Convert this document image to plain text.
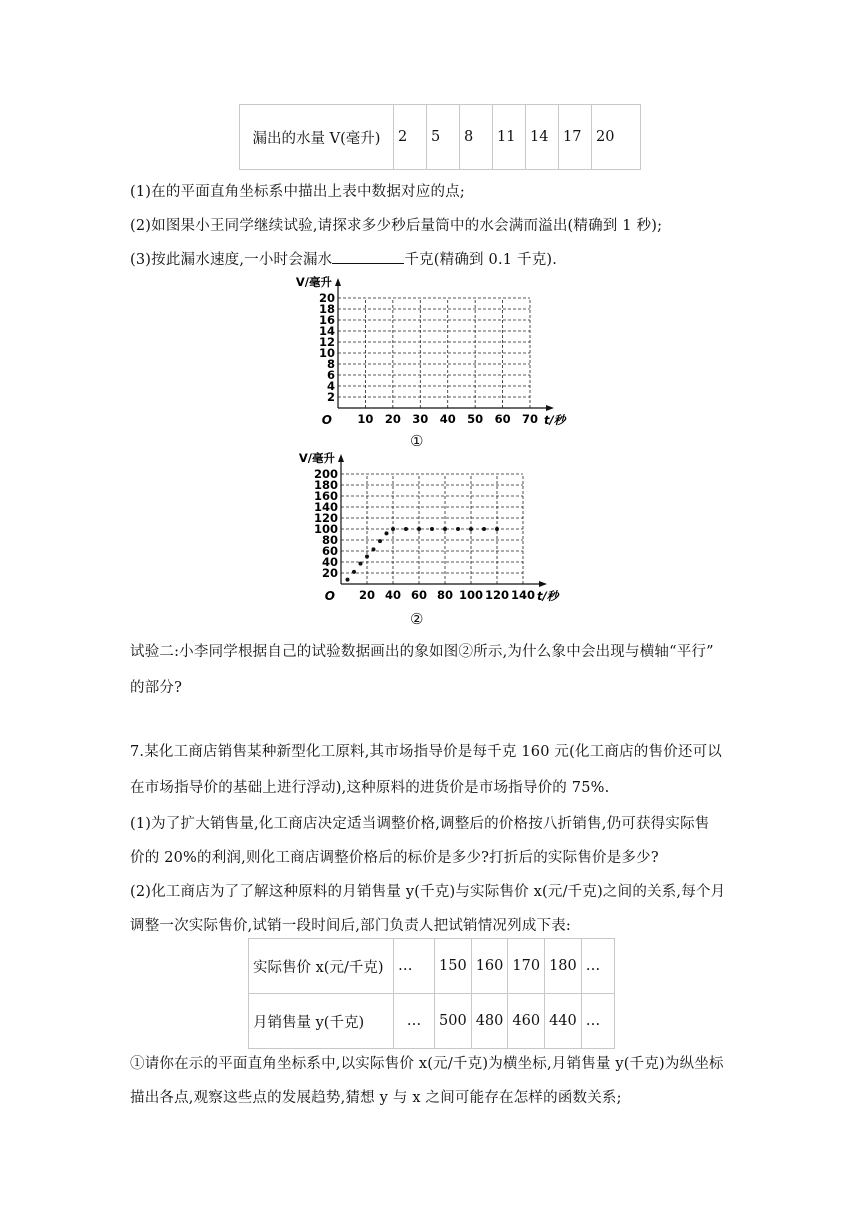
漏出的水量 V(毫升)	2	5	8	11	14	17	20
(1)在的平面直角坐标系中描出上表中数据对应的点;
(2)如图果小王同学继续试验,请探求多少秒后量筒中的水会满而溢出(精确到 1 秒);
(3)按此漏水速度,一小时会漏水	千克(精确到 0.1 千克).
10 20 30 40 50 60 70
2
4
6
8
10
12
14
16
18
20
O
V/毫升
t/秒
①
20 40 60 80 100 120 140
20
40
60
80
100
120
140
160
180
200
O
V/毫升
t/秒
②
试验二:小李同学根据自己的试验数据画出的象如图②所示,为什么象中会出现与横轴“平行”
的部分?
7.某化工商店销售某种新型化工原料,其市场指导价是每千克 160 元(化工商店的售价还可以
在市场指导价的基础上进行浮动),这种原料的进货价是市场指导价的 75%.
(1)为了扩大销售量,化工商店决定适当调整价格,调整后的价格按八折销售,仍可获得实际售
价的 20%的利润,则化工商店调整价格后的标价是多少?打折后的实际售价是多少?
(2)化工商店为了了解这种原料的月销售量 y(千克)与实际售价 x(元/千克)之间的关系,每个月
调整一次实际售价,试销一段时间后,部门负责人把试销情况列成下表:
实际售价 x(元/千克)	…	150	160	170	180	…
月销售量 y(千克)	…	500	480	460	440	…
①请你在示的平面直角坐标系中,以实际售价 x(元/千克)为横坐标,月销售量 y(千克)为纵坐标
描出各点,观察这些点的发展趋势,猜想 y 与 x 之间可能存在怎样的函数关系;
